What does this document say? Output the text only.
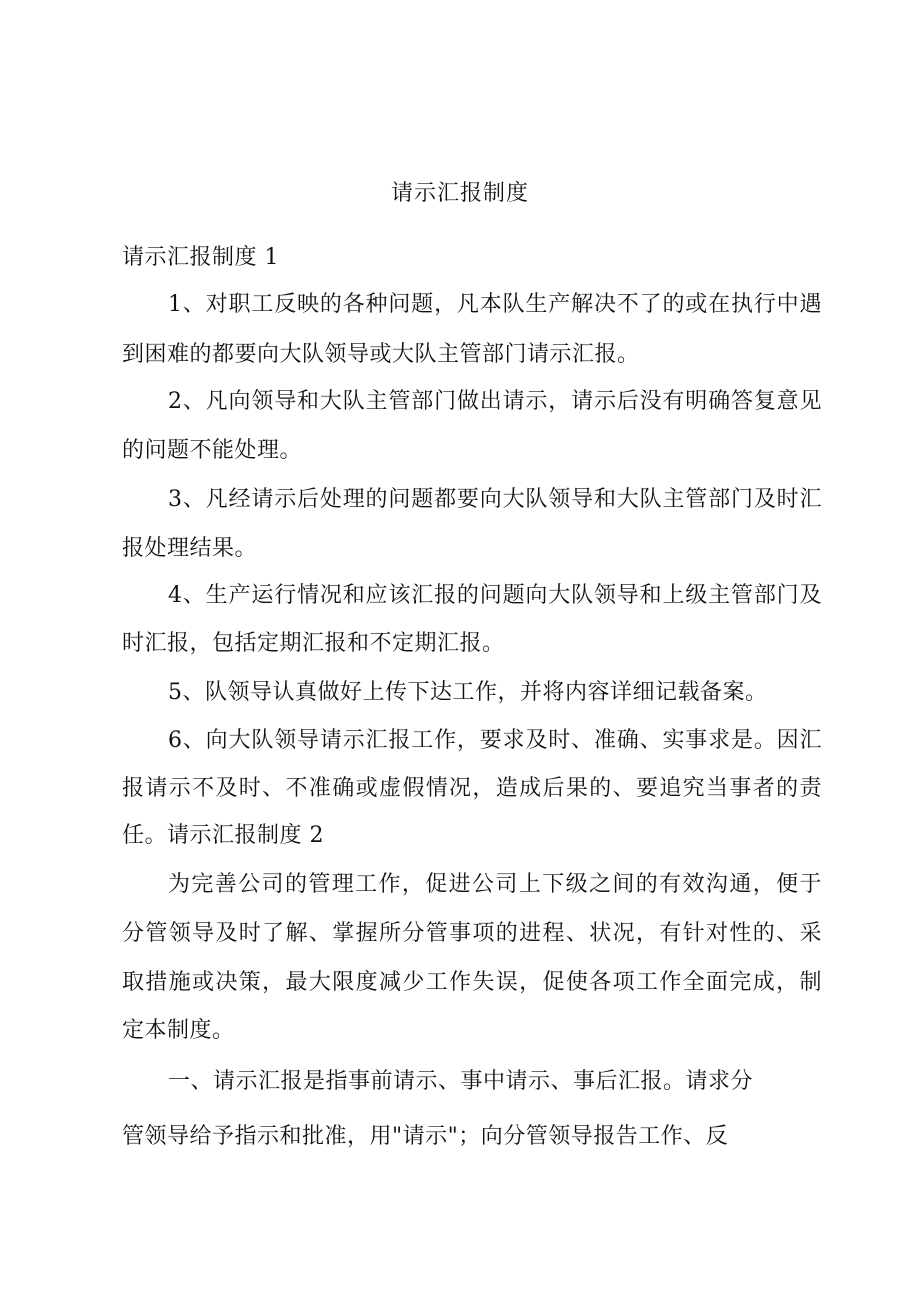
请示汇报制度
请示汇报制度 1
1、对职工反映的各种问题，凡本队生产解决不了的或在执行中遇
到困难的都要向大队领导或大队主管部门请示汇报。
2、凡向领导和大队主管部门做出请示，请示后没有明确答复意见
的问题不能处理。
3、凡经请示后处理的问题都要向大队领导和大队主管部门及时汇
报处理结果。
4、生产运行情况和应该汇报的问题向大队领导和上级主管部门及
时汇报，包括定期汇报和不定期汇报。
5、队领导认真做好上传下达工作，并将内容详细记载备案。
6、向大队领导请示汇报工作，要求及时、准确、实事求是。因汇
报请示不及时、不准确或虚假情况，造成后果的、要追究当事者的责
任。请示汇报制度 2
为完善公司的管理工作，促进公司上下级之间的有效沟通，便于
分管领导及时了解、掌握所分管事项的进程、状况，有针对性的、采
取措施或决策，最大限度减少工作失误，促使各项工作全面完成，制
定本制度。
一、请示汇报是指事前请示、事中请示、事后汇报。请求分
管领导给予指示和批准，用"请示"；向分管领导报告工作、反
